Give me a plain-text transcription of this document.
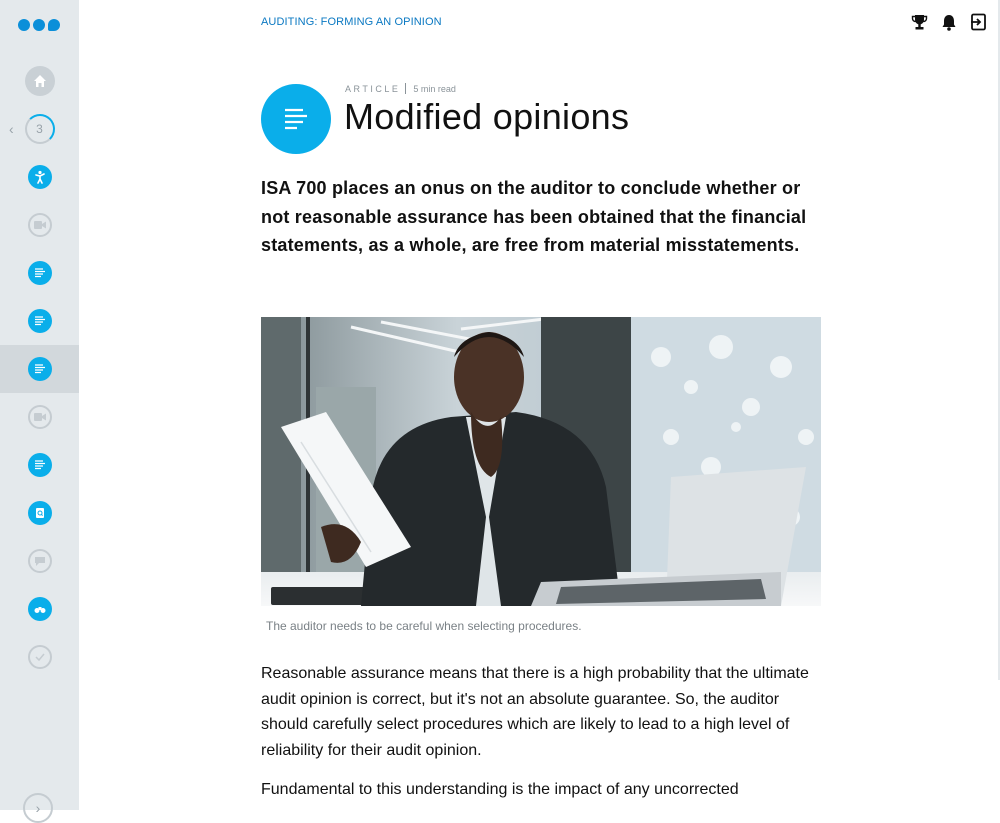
‹ 3
›
AUDITING: FORMING AN OPINION
ARTICLE 5 min read
Modified opinions

ISA 700 places an onus on the auditor to conclude whether or not reasonable assurance has been obtained that the financial statements, as a whole, are free from material misstatements.

The auditor needs to be careful when selecting procedures.

Reasonable assurance means that there is a high probability that the ultimate audit opinion is correct, but it's not an absolute guarantee. So, the auditor should carefully select procedures which are likely to lead to a high level of reliability for their audit opinion.

Fundamental to this understanding is the impact of any uncorrected
